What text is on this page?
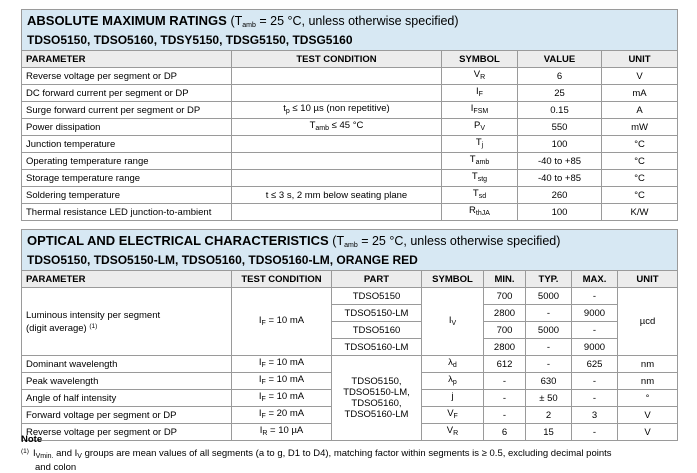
ABSOLUTE MAXIMUM RATINGS ($T_{amb} = 25$ °C, unless otherwise specified)
TDSO5150, TDSO5160, TDSY5150, TDSG5150, TDSG5160				

PARAMETER	TEST CONDITION	SYMBOL	VALUE	UNIT
Reverse voltage per segment or DP		$V_R$	6	V
DC forward current per segment or DP		$I_F$	25	mA
Surge forward current per segment or DP	$t_p \le 10$ µs (non repetitive)	$I_{FSM}$	0.15	A
Power dissipation	$T_{amb} \le 45$ °C	$P_V$	550	mW
Junction temperature		$T_j$	100	°C
Operating temperature range		$T_{amb}$	-40 to +85	°C
Storage temperature range		$T_{stg}$	-40 to +85	°C
Soldering temperature	t ≤ 3 s, 2 mm below seating plane	$T_{sd}$	260	°C
Thermal resistance LED junction-to-ambient		$R_{thJA}$	100	K/W
OPTICAL AND ELECTRICAL CHARACTERISTICS ($T_{amb} = 25$ °C, unless otherwise specified)
TDSO5150, TDSO5150-LM, TDSO5160, TDSO5160-LM, ORANGE RED							

PARAMETER	TEST CONDITION	PART	SYMBOL	MIN.	TYP.	MAX.	UNIT
Luminous intensity per segment
(digit average) $^{(1)}$	$I_F = 10$ mA	TDSO5150	$I_V$	700	5000	-	µcd
		TDSO5150-LM		2800	-	9000	
		TDSO5160		700	5000	-	
		TDSO5160-LM		2800	-	9000	
Dominant wavelength	$I_F = 10$ mA	TDSO5150, TDSO5150-LM, TDSO5160, TDSO5160-LM	$\lambda_d$	612	-	625	nm
Peak wavelength	$I_F = 10$ mA		$\lambda_p$	-	630	-	nm
Angle of half intensity	$I_F = 10$ mA		j	-	± 50	-	°
Forward voltage per segment or DP	$I_F = 20$ mA		$V_F$	-	2	3	V
Reverse voltage per segment or DP	$I_R = 10$ µA		$V_R$	6	15	-	V
Note
$^{(1)}$ $I_{Vmin.}$ and $I_V$ groups are mean values of all segments (a to g, D1 to D4), matching factor within segments is ≥ 0.5, excluding decimal points
and colon
